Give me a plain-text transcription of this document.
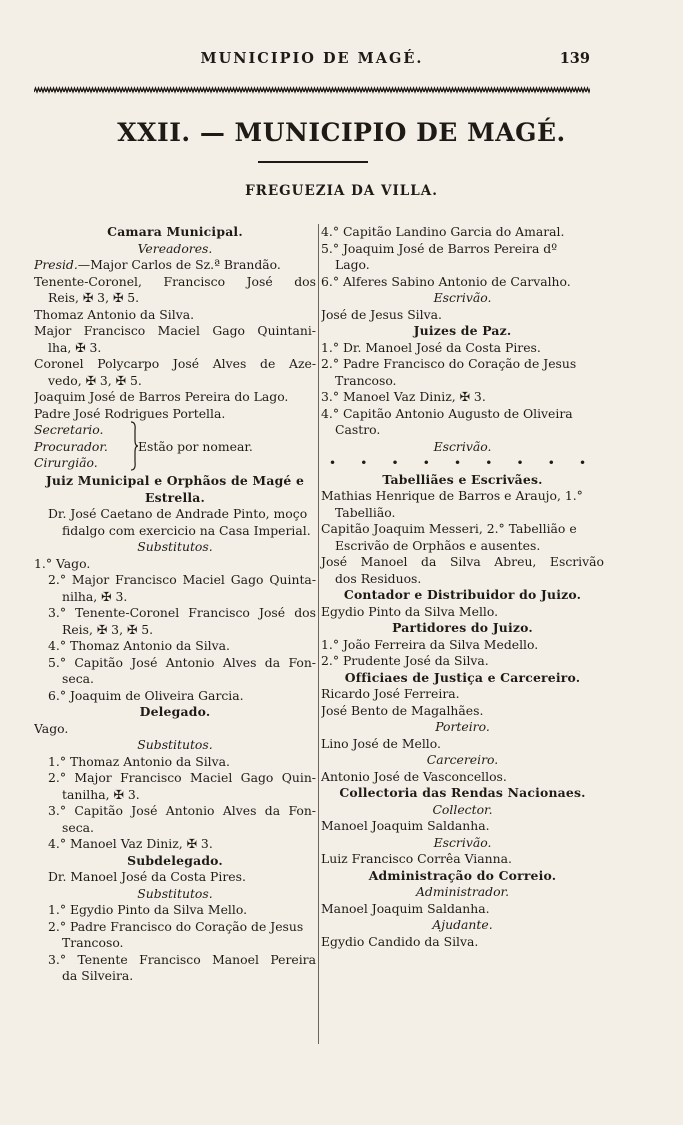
MUNICIPIO DE MAGÉ.	139
XXII. — MUNICIPIO DE MAGÉ.
FREGUEZIA DA VILLA.
Camara Municipal.
Vereadores.
Presid.—Major Carlos de Sz.ª Brandão.
Tenente-Coronel, Francisco José dos
Reis, ✠ 3, ✠ 5.
Thomaz Antonio da Silva.
Major Francisco Maciel Gago Quintani-
lha, ✠ 3.
Coronel Polycarpo José Alves de Aze-
vedo, ✠ 3, ✠ 5.
Joaquim José de Barros Pereira do Lago.
Padre José Rodrigues Portella.
Secretario.
Procurador.
Cirurgião.
Estão por nomear.
Juiz Municipal e Orphãos de Magé e
Estrella.
Dr. José Caetano de Andrade Pinto, moço
fidalgo com exercicio na Casa Imperial.
Substitutos.
1.° Vago.
2.° Major Francisco Maciel Gago Quinta-
nilha, ✠ 3.
3.° Tenente-Coronel Francisco José dos
Reis, ✠ 3, ✠ 5.
4.° Thomaz Antonio da Silva.
5.° Capitão José Antonio Alves da Fon-
seca.
6.° Joaquim de Oliveira Garcia.
Delegado.
Vago.
Substitutos.
1.° Thomaz Antonio da Silva.
2.° Major Francisco Maciel Gago Quin-
tanilha, ✠ 3.
3.° Capitão José Antonio Alves da Fon-
seca.
4.° Manoel Vaz Diniz, ✠ 3.
Subdelegado.
Dr. Manoel José da Costa Pires.
Substitutos.
1.° Egydio Pinto da Silva Mello.
2.° Padre Francisco do Coração de Jesus
Trancoso.
3.° Tenente Francisco Manoel Pereira
da Silveira.
4.° Capitão Landino Garcia do Amaral.
5.° Joaquim José de Barros Pereira dº
Lago.
6.° Alferes Sabino Antonio de Carvalho.
Escrivão.
José de Jesus Silva.
Juizes de Paz.
1.° Dr. Manoel José da Costa Pires.
2.° Padre Francisco do Coração de Jesus
Trancoso.
3.° Manoel Vaz Diniz, ✠ 3.
4.° Capitão Antonio Augusto de Oliveira
Castro.
Escrivão.
• • • • • • • • •
Tabelliães e Escrivães.
Mathias Henrique de Barros e Araujo, 1.°
Tabellião.
Capitão Joaquim Messeri, 2.° Tabellião e
Escrivão de Orphãos e ausentes.
José Manoel da Silva Abreu, Escrivão
dos Residuos.
Contador e Distribuidor do Juizo.
Egydio Pinto da Silva Mello.
Partidores do Juizo.
1.° João Ferreira da Silva Medello.
2.° Prudente José da Silva.
Officiaes de Justiça e Carcereiro.
Ricardo José Ferreira.
José Bento de Magalhães.
Porteiro.
Lino José de Mello.
Carcereiro.
Antonio José de Vasconcellos.
Collectoria das Rendas Nacionaes.
Collector.
Manoel Joaquim Saldanha.
Escrivão.
Luiz Francisco Corrêa Vianna.
Administração do Correio.
Administrador.
Manoel Joaquim Saldanha.
Ajudante.
Egydio Candido da Silva.
